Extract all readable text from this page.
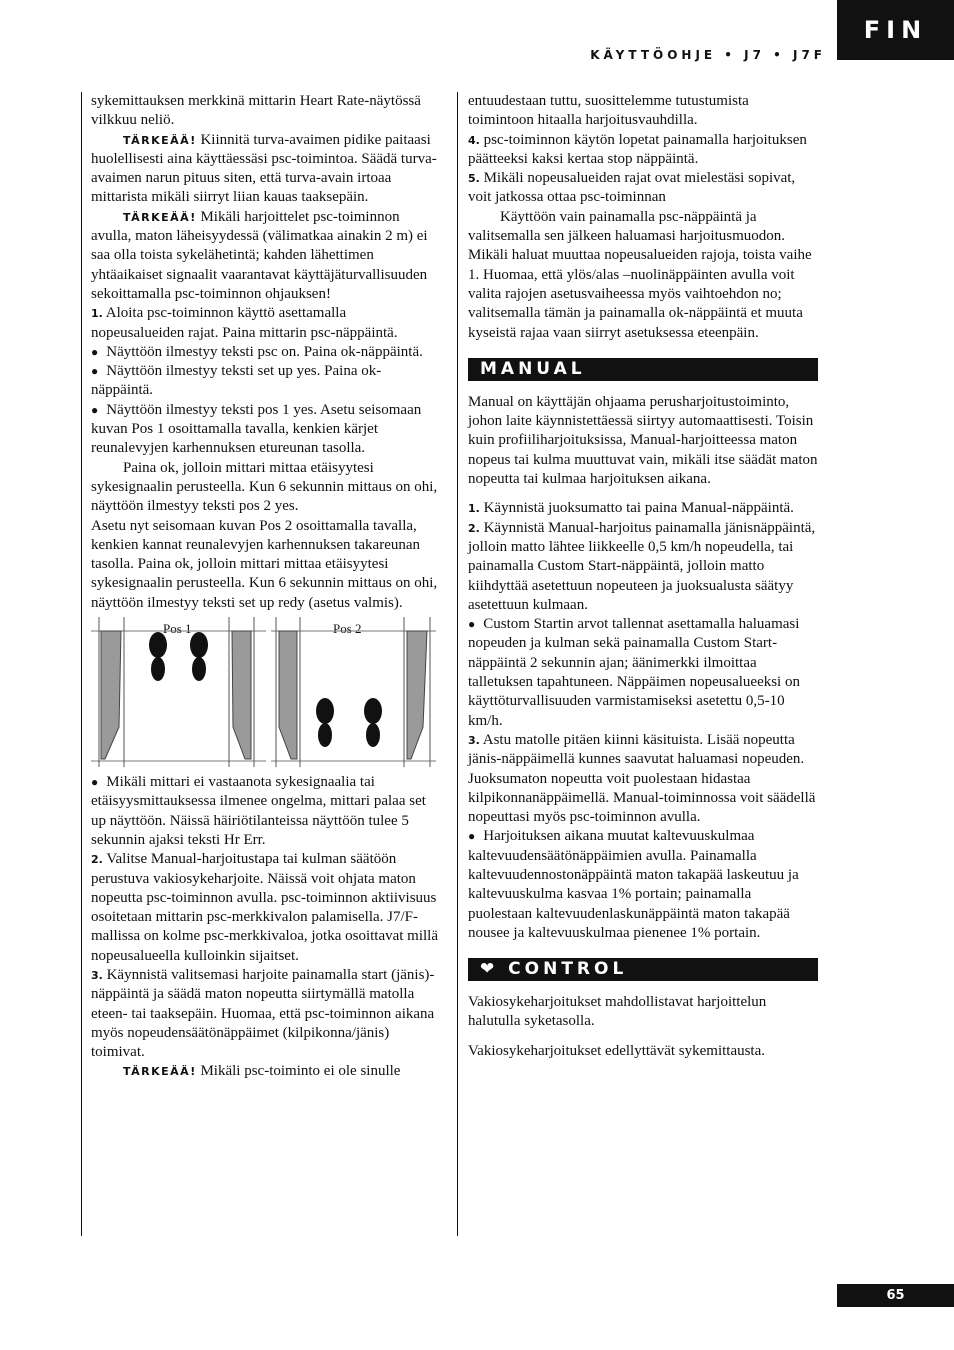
KÄYTTÖOHJE • J7 • J7F
FIN

sykemittauksen merkkinä mittarin Heart Rate-näytössä vilkkuu neliö.

TÄRKEÄÄ! Kiinnitä turva-avaimen pidike paitaasi huolellisesti aina käyttäessäsi psc-toimintoa. Säädä turva-avaimen narun pituus siten, että turva-avain irtoaa mittarista mikäli siirryt liian kauas taaksepäin.

TÄRKEÄÄ! Mikäli harjoittelet psc-toiminnon avulla, maton läheisyydessä (välimatkaa ainakin 2 m) ei saa olla toista sykelähetintä; kahden lähettimen yhtäaikaiset signaalit vaarantavat käyttäjäturvallisuuden sekoittamalla psc-toiminnon ohjauksen!

1. Aloita psc-toiminnon käyttö asettamalla nopeusalueiden rajat. Paina mittarin psc-näppäintä.

● Näyttöön ilmestyy teksti psc on. Paina ok-näppäintä.

● Näyttöön ilmestyy teksti set up yes. Paina ok-näppäintä.

● Näyttöön ilmestyy teksti pos 1 yes. Asetu seisomaan kuvan Pos 1 osoittamalla tavalla, kenkien kärjet reunalevyjen karhennuksen etureunan tasolla.

Paina ok, jolloin mittari mittaa etäisyytesi sykesignaalin perusteella. Kun 6 sekunnin mittaus on ohi, näyttöön ilmestyy teksti pos 2 yes.

Asetu nyt seisomaan kuvan Pos 2 osoittamalla tavalla, kenkien kannat reunalevyjen karhennuksen takareunan tasolla. Paina ok, jolloin mittari mittaa etäisyytesi sykesignaalin perusteella. Kun 6 sekunnin mittaus on ohi, näyttöön ilmestyy teksti set up redy (asetus valmis).

Pos 1	Pos 2

● Mikäli mittari ei vastaanota sykesignaalia tai etäisyysmittauksessa ilmenee ongelma, mittari palaa set up näyttöön. Näissä häiriötilanteissa näyttöön tulee 5 sekunnin ajaksi teksti Hr Err.

2. Valitse Manual-harjoitustapa tai kulman säätöön perustuva vakiosykeharjoite. Näissä voit ohjata maton nopeutta psc-toiminnon avulla. psc-toiminnon aktiivisuus osoitetaan mittarin psc-merkkivalon palamisella. J7/F-mallissa on kolme psc-merkkivaloa, jotka osoittavat millä nopeusalueella kulloinkin sijaitset.

3. Käynnistä valitsemasi harjoite painamalla start (jänis)-näppäintä ja säädä maton nopeutta siirtymällä matolla eteen- tai taaksepäin. Huomaa, että psc-toiminnon aikana myös nopeudensäätönäppäimet (kilpikonna/jänis) toimivat.

TÄRKEÄÄ! Mikäli psc-toiminto ei ole sinulle

entuudestaan tuttu, suosittelemme tutustumista toimintoon hitaalla harjoitusvauhdilla.

4. psc-toiminnon käytön lopetat painamalla harjoituksen päätteeksi kaksi kertaa stop näppäintä.

5. Mikäli nopeusalueiden rajat ovat mielestäsi sopivat, voit jatkossa ottaa psc-toiminnan

Käyttöön vain painamalla psc-näppäintä ja valitsemalla sen jälkeen haluamasi harjoitusmuodon. Mikäli haluat muuttaa nopeusalueiden rajoja, toista vaihe 1. Huomaa, että ylös/alas –nuolinäppäinten avulla voit valita rajojen asetusvaiheessa myös vaihtoehdon no; valitsemalla tämän ja painamalla ok-näppäintä et muuta kyseistä rajaa vaan siirryt asetuksessa eteenpäin.

MANUAL

Manual on käyttäjän ohjaama perusharjoitustoiminto, johon laite käynnistettäessä siirtyy automaattisesti. Toisin kuin profiiliharjoituksissa, Manual-harjoitteessa maton nopeus tai kulma muuttuvat vain, mikäli itse säädät maton nopeutta tai kulmaa harjoituksen aikana.

1. Käynnistä juoksumatto tai paina Manual-näppäintä.

2. Käynnistä Manual-harjoitus painamalla jänisnäppäintä, jolloin matto lähtee liikkeelle 0,5 km/h nopeudella, tai painamalla Custom Start-näppäintä, jolloin matto kiihdyttää asetettuun nopeuteen ja juoksualusta säätyy asetettuun kulmaan.

● Custom Startin arvot tallennat asettamalla haluamasi nopeuden ja kulman sekä painamalla Custom Start-näppäintä 2 sekunnin ajan; äänimerkki ilmoittaa talletuksen tapahtuneen. Näppäimen nopeusalueeksi on käyttöturvallisuuden varmistamiseksi asetettu 0,5-10 km/h.

3. Astu matolle pitäen kiinni käsituista. Lisää nopeutta jänis-näppäimellä kunnes saavutat haluamasi nopeuden. Juoksumaton nopeutta voit puolestaan hidastaa kilpikonnanäppäimellä. Manual-toiminnossa voit säädellä nopeuttasi myös psc-toiminnon avulla.

● Harjoituksen aikana muutat kaltevuuskulmaa kaltevuudensäätönäppäimien avulla. Painamalla kaltevuudennostonäppäintä maton takapää laskeutuu ja kaltevuuskulma kasvaa 1% portain; painamalla puolestaan kaltevuudenlaskunäppäintä maton takapää nousee ja kaltevuuskulmaa pienenee 1% portain.

❤ CONTROL

Vakiosykeharjoitukset mahdollistavat harjoittelun halutulla syketasolla.

Vakiosykeharjoitukset edellyttävät sykemittausta.

65
